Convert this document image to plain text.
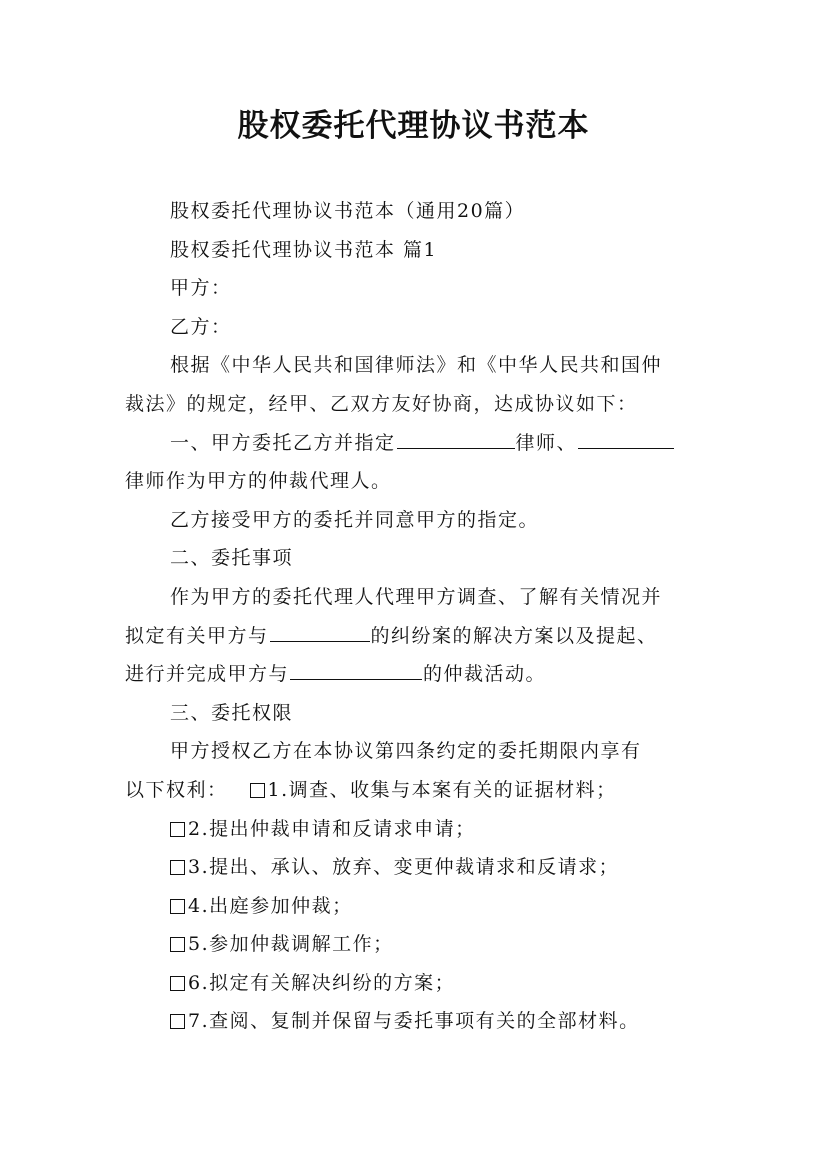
股权委托代理协议书范本
股权委托代理协议书范本（通用20篇）
股权委托代理协议书范本 篇1
甲方：
乙方：
根据《中华人民共和国律师法》和《中华人民共和国仲
裁法》的规定，经甲、乙双方友好协商，达成协议如下：
一、甲方委托乙方并指定	律师、
律师作为甲方的仲裁代理人。
乙方接受甲方的委托并同意甲方的指定。
二、委托事项
作为甲方的委托代理人代理甲方调查、了解有关情况并
拟定有关甲方与	的纠纷案的解决方案以及提起、
进行并完成甲方与	的仲裁活动。
三、委托权限
甲方授权乙方在本协议第四条约定的委托期限内享有
以下权利： 1.调查、收集与本案有关的证据材料；
2.提出仲裁申请和反请求申请；
3.提出、承认、放弃、变更仲裁请求和反请求；
4.出庭参加仲裁；
5.参加仲裁调解工作；
6.拟定有关解决纠纷的方案；
7.查阅、复制并保留与委托事项有关的全部材料。
